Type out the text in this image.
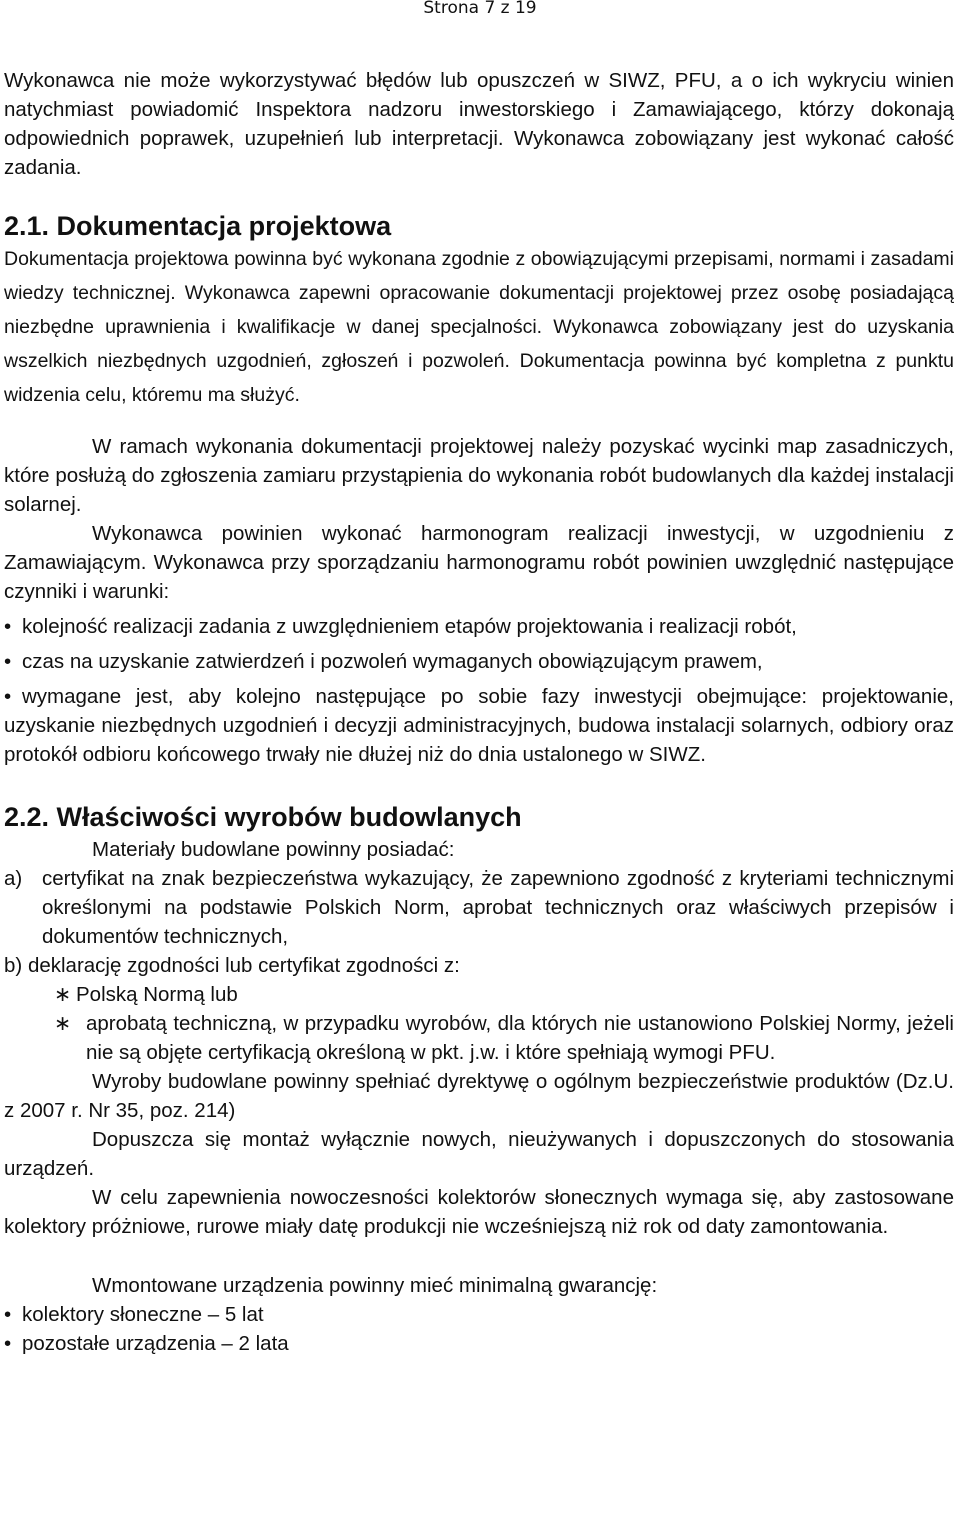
Strona 7 z 19

Wykonawca nie może wykorzystywać błędów lub opuszczeń w SIWZ, PFU, a o ich wykryciu winien natychmiast powiadomić Inspektora nadzoru inwestorskiego i Zamawiającego, którzy dokonają odpowiednich poprawek, uzupełnień lub interpretacji. Wykonawca zobowiązany jest wykonać całość zadania.

2.1. Dokumentacja projektowa

Dokumentacja projektowa powinna być wykonana zgodnie z obowiązującymi przepisami, normami i zasadami wiedzy technicznej. Wykonawca zapewni opracowanie dokumentacji projektowej przez osobę posiadającą niezbędne uprawnienia i kwalifikacje w danej specjalności. Wykonawca zobowiązany jest do uzyskania wszelkich niezbędnych uzgodnień, zgłoszeń i pozwoleń. Dokumentacja powinna być kompletna z punktu widzenia celu, któremu ma służyć.

W ramach wykonania dokumentacji projektowej należy pozyskać wycinki map zasadniczych, które posłużą do zgłoszenia zamiaru przystąpienia do wykonania robót budowlanych dla każdej instalacji solarnej.

Wykonawca powinien wykonać harmonogram realizacji inwestycji, w uzgodnieniu z Zamawiającym. Wykonawca przy sporządzaniu harmonogramu robót powinien uwzględnić następujące czynniki i warunki:

• kolejność realizacji zadania z uwzględnieniem etapów projektowania i realizacji robót,
• czas na uzyskanie zatwierdzeń i pozwoleń wymaganych obowiązującym prawem,
• wymagane jest, aby kolejno następujące po sobie fazy inwestycji obejmujące: projektowanie, uzyskanie niezbędnych uzgodnień i decyzji administracyjnych, budowa instalacji solarnych, odbiory oraz protokół odbioru końcowego trwały nie dłużej niż do dnia ustalonego w SIWZ.
2.2. Właściwości wyrobów budowlanych

Materiały budowlane powinny posiadać:

a) certyfikat na znak bezpieczeństwa wykazujący, że zapewniono zgodność z kryteriami technicznymi określonymi na podstawie Polskich Norm, aprobat technicznych oraz właściwych przepisów i dokumentów technicznych,
b) deklarację zgodności lub certyfikat zgodności z:
∗ Polską Normą lub
∗ aprobatą techniczną, w przypadku wyrobów, dla których nie ustanowiono Polskiej Normy, jeżeli nie są objęte certyfikacją określoną w pkt. j.w. i które spełniają wymogi PFU.

Wyroby budowlane powinny spełniać dyrektywę o ogólnym bezpieczeństwie produktów (Dz.U. z 2007 r. Nr 35, poz. 214)

Dopuszcza się montaż wyłącznie nowych, nieużywanych i dopuszczonych do stosowania urządzeń.

W celu zapewnienia nowoczesności kolektorów słonecznych wymaga się, aby zastosowane kolektory próżniowe, rurowe miały datę produkcji nie wcześniejszą niż rok od daty zamontowania.

Wmontowane urządzenia powinny mieć minimalną gwarancję:

• kolektory słoneczne – 5 lat
• pozostałe urządzenia – 2 lata
